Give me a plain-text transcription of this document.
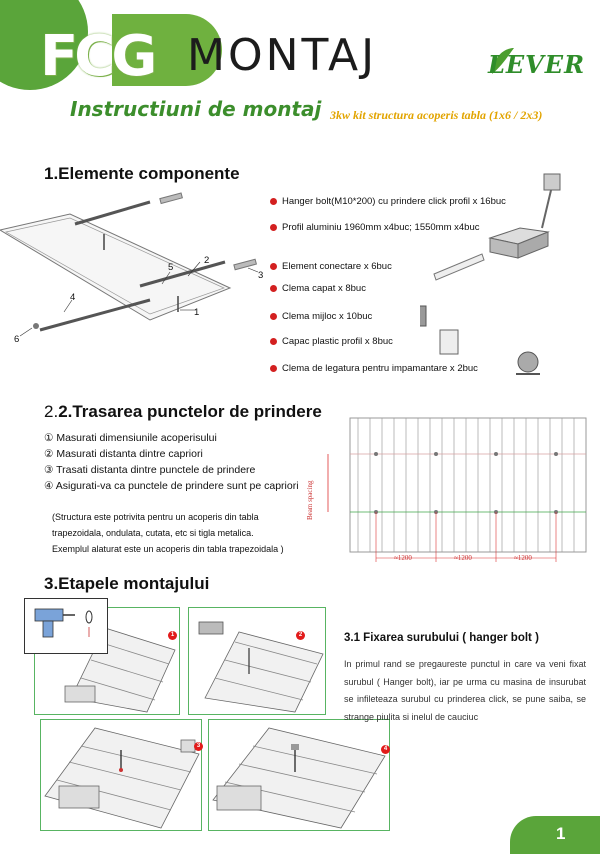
FCG MONTAJ	LEVER
Instructiuni de montaj 3kw kit structura acoperis tabla (1x6 / 2x3)
1.Elemente componente
1
2
3
4
5
6
Hanger bolt(M10*200) cu prindere click profil x 16buc
Profil aluminiu 1960mm x4buc; 1550mm x4buc
Element conectare x 6buc
Clema capat x 8buc
Clema mijloc x 10buc
Capac plastic profil x 8buc
Clema de legatura pentru impamantare x 2buc
2.2.Trasarea punctelor de prindere
① Masurati dimensiunile acoperisului
② Masurati distanta dintre capriori
③ Trasati distanta dintre punctele de prindere
④ Asigurati-va ca punctele de prindere sunt pe capriori
(Structura este potrivita pentru un acoperis din tabla
trapezoidala, ondulata, cutata, etc si tigla metalica.
Exemplul alaturat este un acoperis din tabla trapezoidala )
Beam spacing
≈1200	≈1200	≈1200
3.Etapele montajului
1	2
3	4
3.1 Fixarea surubului ( hanger bolt )
In primul rand se pregaureste punctul in care va veni fixat surubul ( Hanger bolt), iar pe urma cu masina de insurubat se infileteaza surubul cu prinderea click, se pune saiba, se strange piulita si inelul de cauciuc
1
